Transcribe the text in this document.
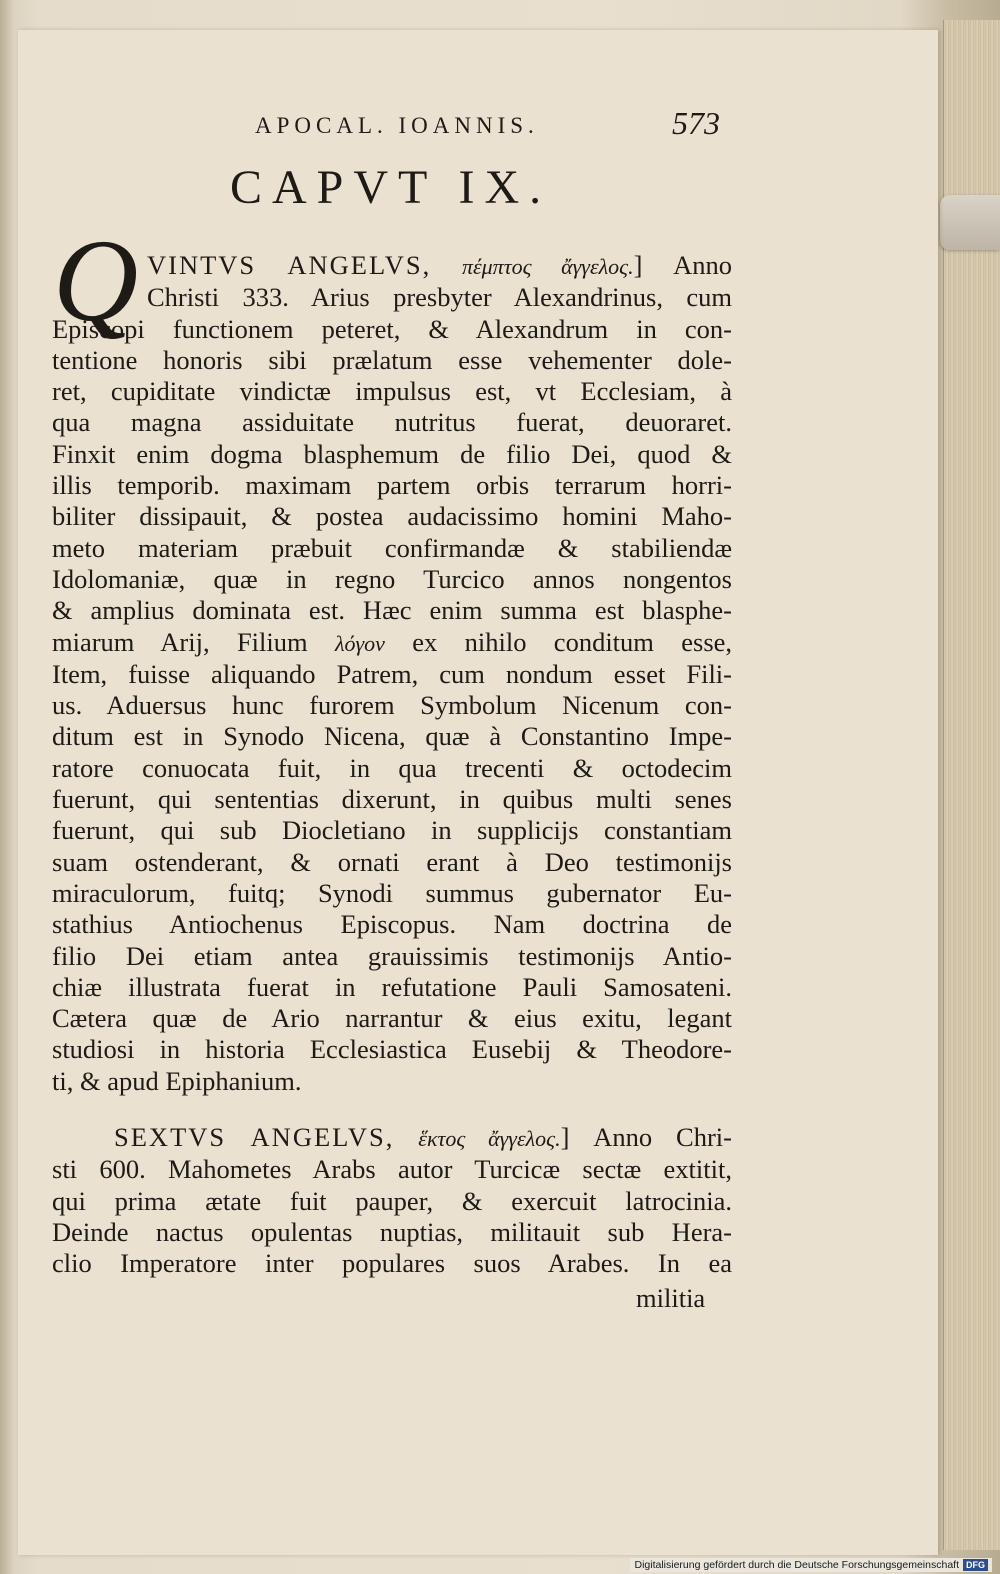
APOCAL. IOANNIS.	573
CAPVT IX.
Q VINTVS ANGELVS, πέμπτος ἄγγελος.] Anno
Christi 333. Arius presbyter Alexandrinus, cum
Episcopi functionem peteret, & Alexandrum in con-
tentione honoris sibi prælatum esse vehementer dole-
ret, cupiditate vindictæ impulsus est, vt Ecclesiam, à
qua magna assiduitate nutritus fuerat, deuoraret.
Finxit enim dogma blasphemum de filio Dei, quod &
illis temporib. maximam partem orbis terrarum horri-
biliter dissipauit, & postea audacissimo homini Maho-
meto materiam præbuit confirmandæ & stabiliendæ
Idolomaniæ, quæ in regno Turcico annos nongentos
& amplius dominata est. Hæc enim summa est blasphe-
miarum Arij, Filium λόγον ex nihilo conditum esse,
Item, fuisse aliquando Patrem, cum nondum esset Fili-
us. Aduersus hunc furorem Symbolum Nicenum con-
ditum est in Synodo Nicena, quæ à Constantino Impe-
ratore conuocata fuit, in qua trecenti & octodecim
fuerunt, qui sententias dixerunt, in quibus multi senes
fuerunt, qui sub Diocletiano in supplicijs constantiam
suam ostenderant, & ornati erant à Deo testimonijs
miraculorum, fuitq; Synodi summus gubernator Eu-
stathius Antiochenus Episcopus. Nam doctrina de
filio Dei etiam antea grauissimis testimonijs Antio-
chiæ illustrata fuerat in refutatione Pauli Samosateni.
Cætera quæ de Ario narrantur & eius exitu, legant
studiosi in historia Ecclesiastica Eusebij & Theodore-
ti, & apud Epiphanium.
SEXTVS ANGELVS, ἕκτος ἄγγελος.] Anno Chri-
sti 600. Mahometes Arabs autor Turcicæ sectæ extitit,
qui prima ætate fuit pauper, & exercuit latrocinia.
Deinde nactus opulentas nuptias, militauit sub Hera-
clio Imperatore inter populares suos Arabes. In ea
militia
Digitalisierung gefördert durch die Deutsche Forschungsgemeinschaft DFG
